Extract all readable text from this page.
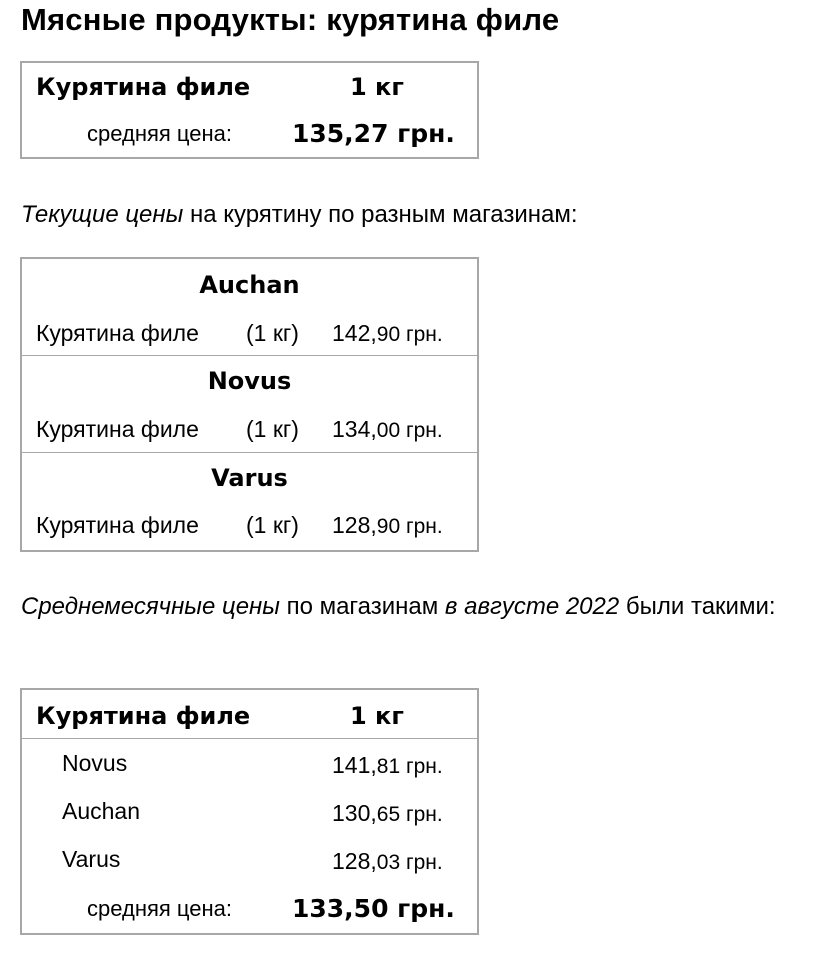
Мясные продукты: курятина филе
Курятина филе	1 кг
средняя цена: 135,27 грн.
Текущие цены на курятину по разным магазинам:
Auchan
Курятина филе (1 кг) 142,90 грн.
Novus
Курятина филе (1 кг) 134,00 грн.
Varus
Курятина филе (1 кг) 128,90 грн.
Среднемесячные цены по магазинам в августе 2022 были такими:
Курятина филе	1 кг
Novus	141,81 грн.
Auchan	130,65 грн.
Varus	128,03 грн.
средняя цена: 133,50 грн.
